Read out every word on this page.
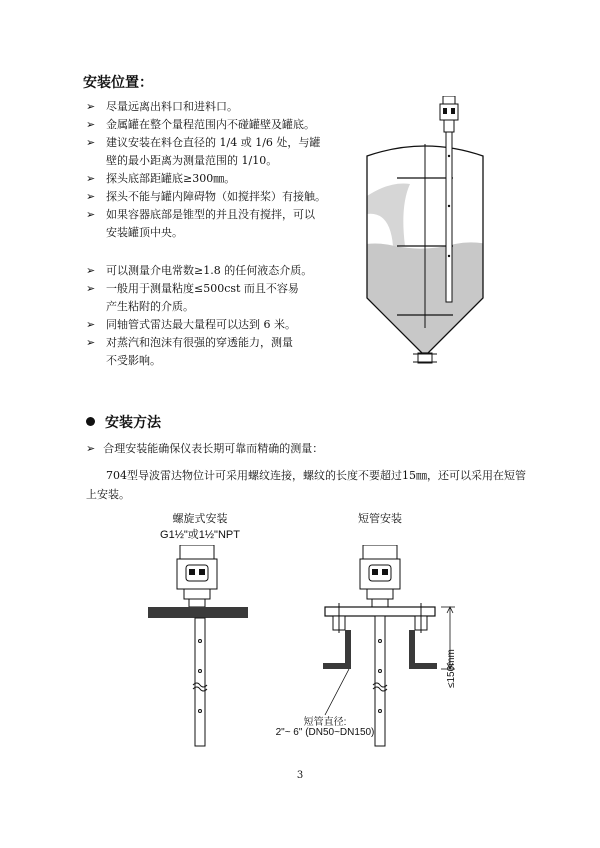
安装位置：
➢ 尽量远离出料口和进料口。
➢ 金属罐在整个量程范围内不碰罐壁及罐底。
➢ 建议安装在料仓直径的 1/4 或 1/6 处，与罐
壁的最小距离为测量范围的 1/10。
➢ 探头底部距罐底≥300㎜。
➢ 探头不能与罐内障碍物（如搅拌桨）有接触。
➢ 如果容器底部是锥型的并且没有搅拌，可以
安装罐顶中央。
➢ 可以测量介电常数≥1.8 的任何液态介质。
➢ 一般用于测量粘度≤500cst 而且不容易
产生粘附的介质。
➢ 同轴管式雷达最大量程可以达到 6 米。
➢ 对蒸汽和泡沫有很强的穿透能力，测量
不受影响。
安装方法
➢ 合理安装能确保仪表长期可靠而精确的测量：
704型导波雷达物位计可采用螺纹连接，螺纹的长度不要超过15㎜，还可以采用在短管上安装。
螺旋式安装
G1½"或1½"NPT
短管安装
≤150mm
短管直径:
2"~ 6" (DN50~DN150)
3
